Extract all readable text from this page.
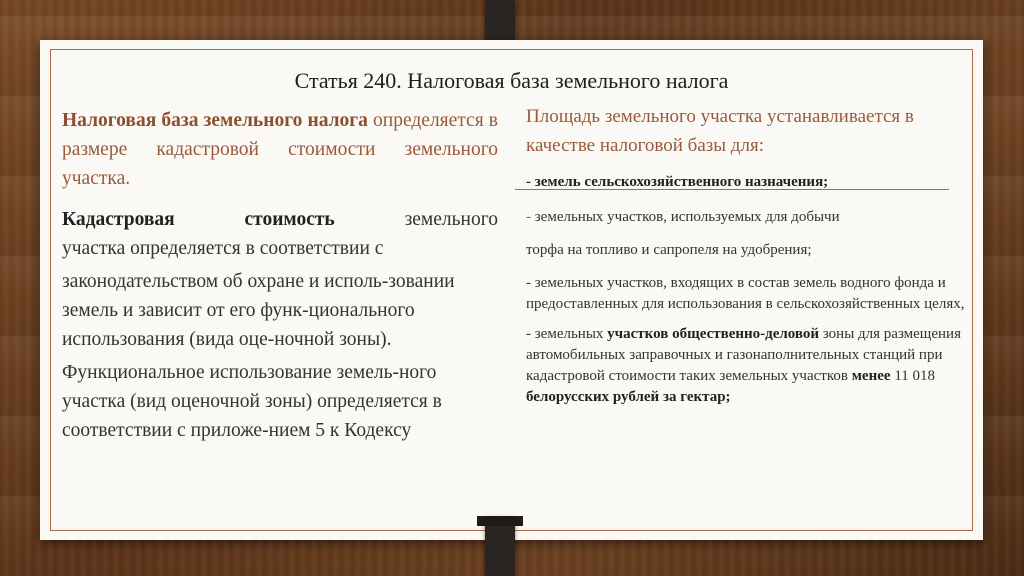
Статья 240. Налоговая база земельного налога

Налоговая база земельного налога определяется в размере кадастровой стоимости земельного участка.

Кадастровая стоимость	земельного

участка определяется в соответствии с

законодательством об охране и исполь-зовании земель и зависит от его функ-ционального использования (вида оце-ночной зоны).

Функциональное использование земель-ного участка (вид оценочной зоны) определяется в соответствии с приложе-нием 5 к Кодексу

Площадь земельного участка устанавливается в качестве налоговой базы для:

- земель сельскохозяйственного назначения;

- земельных участков, используемых для добычи

торфа на топливо и сапропеля на удобрения;

- земельных участков, входящих в состав земель водного фонда и предоставленных для использования в сельскохозяйственных целях,

- земельных участков общественно-деловой зоны для размещения автомобильных заправочных и газонаполнительных станций при кадастровой стоимости таких земельных участков менее 11 018 белорусских рублей за гектар;
